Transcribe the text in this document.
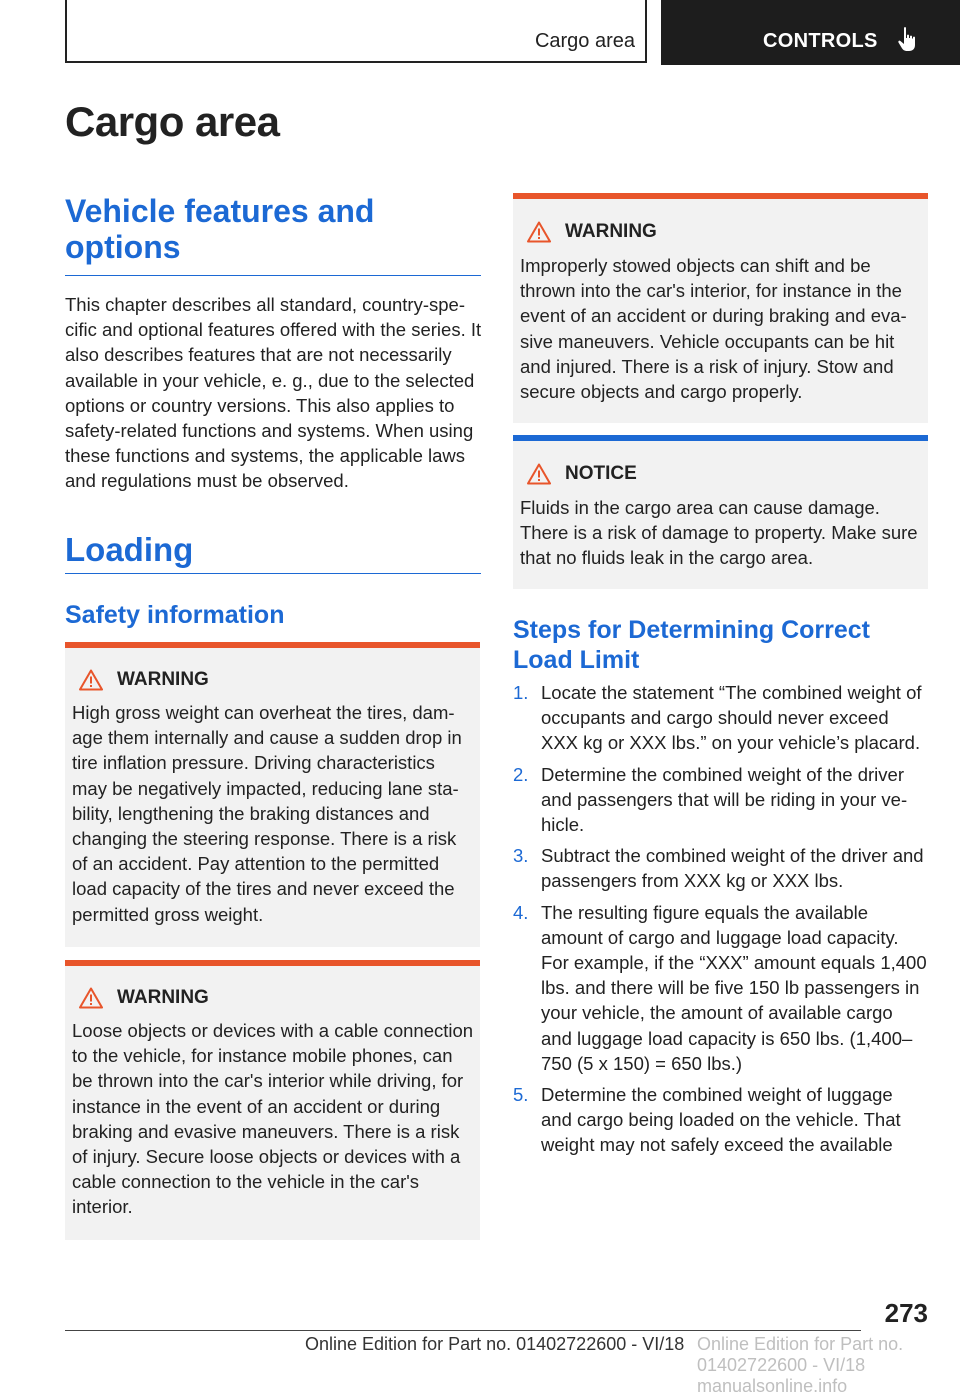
Cargo area	CONTROLS
Cargo area
Vehicle features and options

This chapter describes all standard, country-specific and optional features offered with the series. It also describes features that are not necessarily available in your vehicle, e. g., due to the selected options or country versions. This also applies to safety-related functions and systems. When using these functions and systems, the applicable laws and regulations must be observed.

Loading
Safety information
WARNING

High gross weight can overheat the tires, damage them internally and cause a sudden drop in tire inflation pressure. Driving characteristics may be negatively impacted, reducing lane stability, lengthening the braking distances and changing the steering response. There is a risk of an accident. Pay attention to the permitted load capacity of the tires and never exceed the permitted gross weight.

WARNING

Loose objects or devices with a cable connection to the vehicle, for instance mobile phones, can be thrown into the car's interior while driving, for instance in the event of an accident or during braking and evasive maneuvers. There is a risk of injury. Secure loose objects or devices with a cable connection to the vehicle in the car's interior.

WARNING

Improperly stowed objects can shift and be thrown into the car's interior, for instance in the event of an accident or during braking and evasive maneuvers. Vehicle occupants can be hit and injured. There is a risk of injury. Stow and secure objects and cargo properly.

NOTICE

Fluids in the cargo area can cause damage. There is a risk of damage to property. Make sure that no fluids leak in the cargo area.

Steps for Determining Correct Load Limit
1. Locate the statement “The combined weight of occupants and cargo should never exceed XXX kg or XXX lbs.” on your vehicle’s placard.
2. Determine the combined weight of the driver and passengers that will be riding in your vehicle.
3. Subtract the combined weight of the driver and passengers from XXX kg or XXX lbs.
4. The resulting figure equals the available amount of cargo and luggage load capacity. For example, if the “XXX” amount equals 1,400 lbs. and there will be five 150 lb passengers in your vehicle, the amount of available cargo and luggage load capacity is 650 lbs. (1,400–750 (5 x 150) = 650 lbs.)
5. Determine the combined weight of luggage and cargo being loaded on the vehicle. That weight may not safely exceed the available
273
Online Edition for Part no. 01402722600 - VI/18 Online Edition for Part no. 01402722600 - VI/18 manualsonline.info
